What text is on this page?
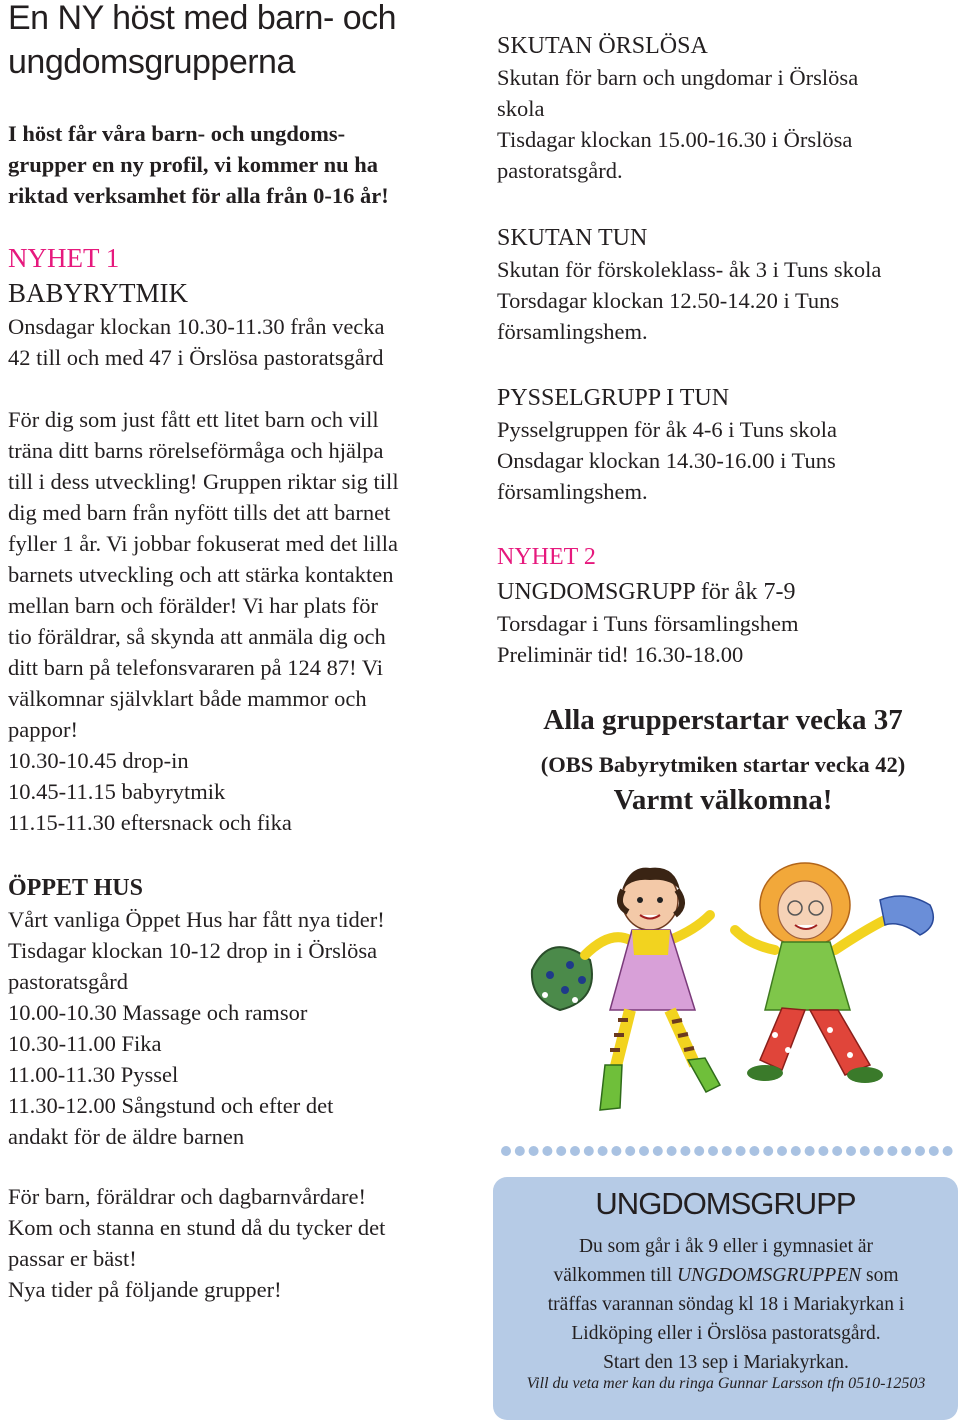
En NY höst med barn- och
ungdomsgrupperna
I höst får våra barn- och ungdoms-
grupper en ny profil, vi kommer nu ha
riktad verksamhet för alla från 0-16 år!
NYHET 1
BABYRYTMIK
Onsdagar klockan 10.30-11.30 från vecka
42 till och med 47 i Örslösa pastoratsgård
För dig som just fått ett litet barn och vill
träna ditt barns rörelseförmåga och hjälpa
till i dess utveckling! Gruppen riktar sig till
dig med barn från nyfött tills det att barnet
fyller 1 år. Vi jobbar fokuserat med det lilla
barnets utveckling och att stärka kontakten
mellan barn och förälder! Vi har plats för
tio föräldrar, så skynda att anmäla dig och
ditt barn på telefonsvararen på 124 87! Vi
välkomnar självklart både mammor och
pappor!
10.30-10.45 drop-in
10.45-11.15 babyrytmik
11.15-11.30 eftersnack och fika
ÖPPET HUS
Vårt vanliga Öppet Hus har fått nya tider!
Tisdagar klockan 10-12 drop in i Örslösa
pastoratsgård
10.00-10.30 Massage och ramsor
10.30-11.00 Fika
11.00-11.30 Pyssel
11.30-12.00 Sångstund och efter det
andakt för de äldre barnen
För barn, föräldrar och dagbarnvårdare!
Kom och stanna en stund då du tycker det
passar er bäst!
Nya tider på följande grupper!
SKUTAN ÖRSLÖSA
Skutan för barn och ungdomar i Örslösa
skola
Tisdagar klockan 15.00-16.30 i Örslösa
pastoratsgård.
SKUTAN TUN
Skutan för förskoleklass- åk 3 i Tuns skola
Torsdagar klockan 12.50-14.20 i Tuns
församlingshem.
PYSSELGRUPP I TUN
Pysselgruppen för åk 4-6 i Tuns skola
Onsdagar klockan 14.30-16.00 i Tuns
församlingshem.
NYHET 2
UNGDOMSGRUPP för åk 7-9
Torsdagar i Tuns församlingshem
Preliminär tid! 16.30-18.00
Alla grupperstartar vecka 37
(OBS Babyrytmiken startar vecka 42)
Varmt välkomna!
UNGDOMSGRUPP
Du som går i åk 9 eller i gymnasiet är
välkommen till UNGDOMSGRUPPEN som
träffas varannan söndag kl 18 i Mariakyrkan i
Lidköping eller i Örslösa pastoratsgård.
Start den 13 sep i Mariakyrkan.
Vill du veta mer kan du ringa Gunnar Larsson tfn 0510-12503
